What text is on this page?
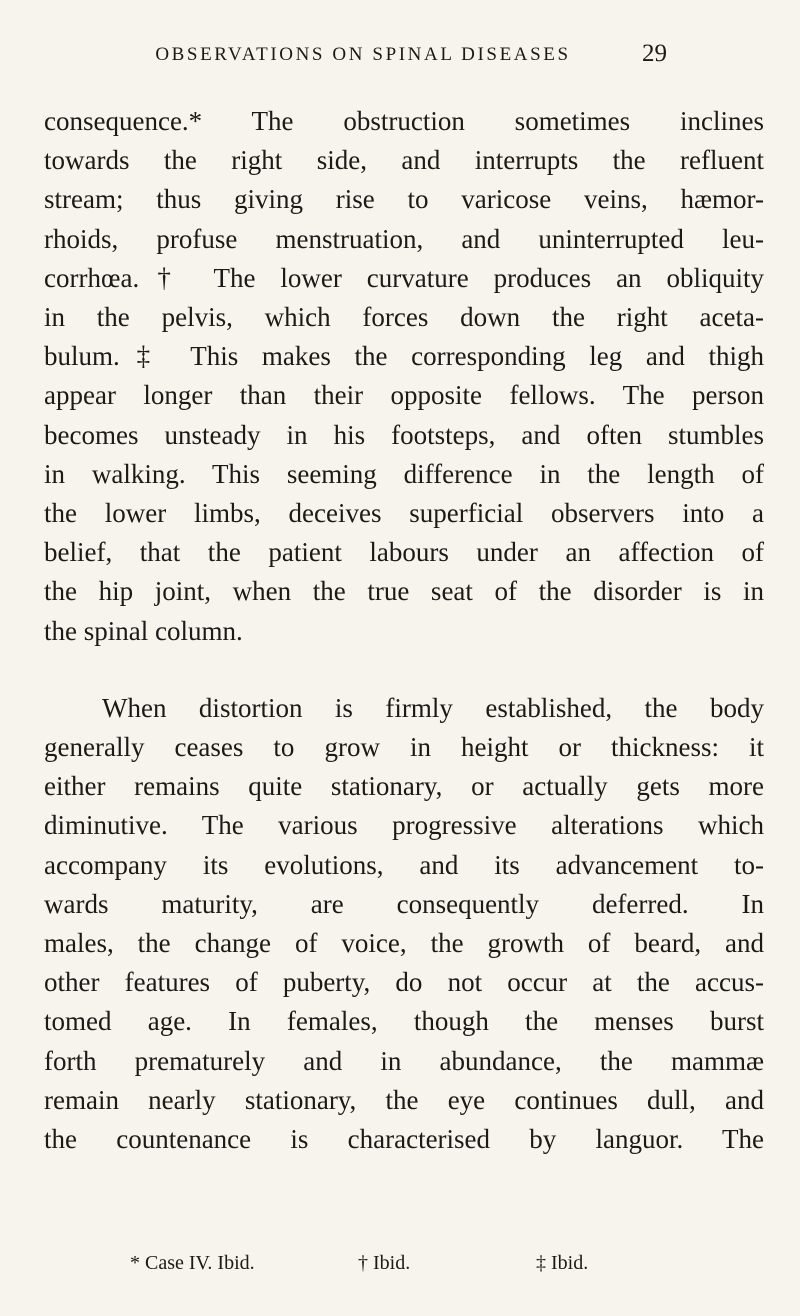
OBSERVATIONS ON SPINAL DISEASES	29
consequence.* The obstruction sometimes inclines
towards the right side, and interrupts the refluent
stream; thus giving rise to varicose veins, hæmor-
rhoids, profuse menstruation, and uninterrupted leu-
corrhœa.† The lower curvature produces an obliquity
in the pelvis, which forces down the right aceta-
bulum.‡ This makes the corresponding leg and thigh
appear longer than their opposite fellows. The person
becomes unsteady in his footsteps, and often stumbles
in walking. This seeming difference in the length of
the lower limbs, deceives superficial observers into a
belief, that the patient labours under an affection of
the hip joint, when the true seat of the disorder is in
the spinal column.
When distortion is firmly established, the body
generally ceases to grow in height or thickness: it
either remains quite stationary, or actually gets more
diminutive. The various progressive alterations which
accompany its evolutions, and its advancement to-
wards maturity, are consequently deferred. In
males, the change of voice, the growth of beard, and
other features of puberty, do not occur at the accus-
tomed age. In females, though the menses burst
forth prematurely and in abundance, the mammæ
remain nearly stationary, the eye continues dull, and
the countenance is characterised by languor. The
* Case IV. Ibid.	† Ibid.	‡ Ibid.
